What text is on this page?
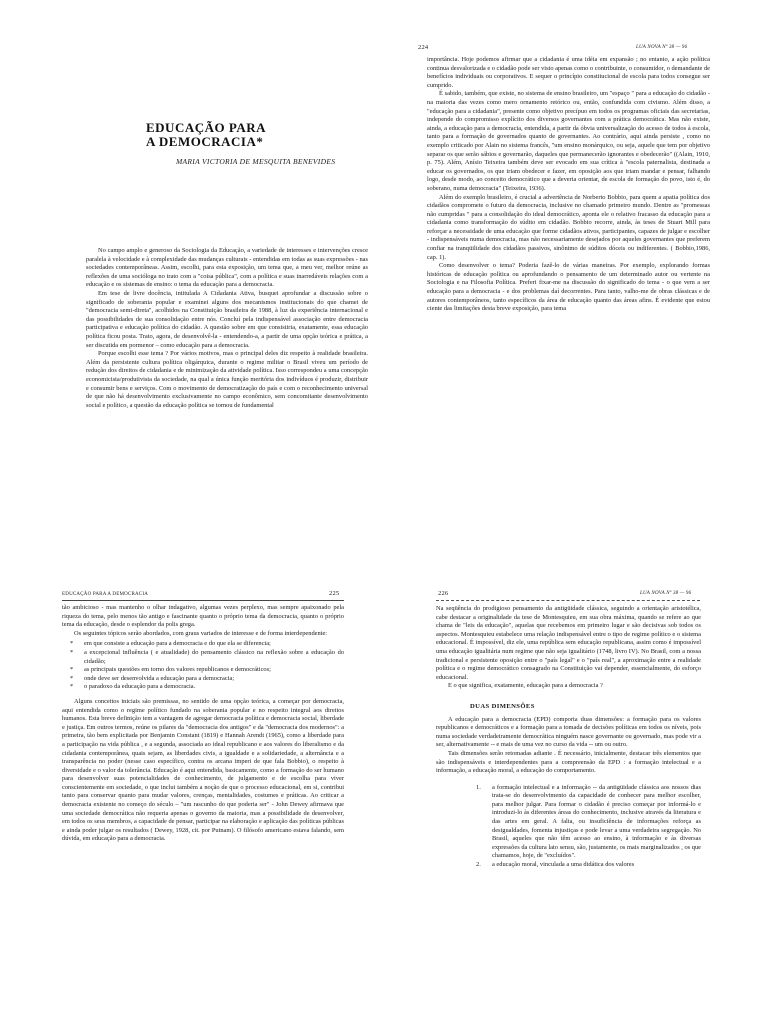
224	LUA NOVA Nº 38 — 96
EDUCAÇÃO PARA
A DEMOCRACIA*

MARIA VICTORIA DE MESQUITA BENEVIDES

No campo amplo e generoso da Sociologia da Educação, a variedade de interesses e intervenções cresce paralela à velocidade e à complexidade das mudanças culturais - entendidas em todas as suas expressões - nas sociedades contemporâneas. Assim, escolhi, para esta exposição, um tema que, a meu ver, melhor reúne as reflexões de uma socióloga no trato com a "coisa pública", com a política e suas inarredáveis relações com a educação e os sistemas de ensino: o tema da educação para a democracia.

Em tese de livre docência, intitulada A Cidadania Ativa, busquei aprofundar a discussão sobre o significado de soberania popular e examinei alguns dos mecanismos institucionais do que chamei de "democracia semi-direta", acolhidos na Constituição brasileira de 1988, à luz da experiência internacional e das possibilidades de sua consolidação entre nós. Concluí pela indispensável associação entre democracia participativa e educação política do cidadão. A questão sobre em que consistiria, exatamente, essa educação política ficou posta. Trato, agora, de desenvolvê-la - entendendo-a, a partir de uma opção teórica e prática, a ser discutida em pormenor – como educação para a democracia.

Porque escolhi esse tema ? Por vários motivos, mas o principal deles diz respeito à realidade brasileira. Além da persistente cultura política oligárquica, durante o regime militar o Brasil viveu um período de redução dos direitos de cidadania e de minimização da atividade política. Isso correspondeu a uma concepção economicista/produtivista da sociedade, na qual a única função meritória dos indivíduos é produzir, distribuir e consumir bens e serviços. Com o movimento de democratização do país e com o reconhecimento universal de que não há desenvolvimento exclusivamente no campo econômico, sem concomitante desenvolvimento social e político, a questão da educação política se tornou de fundamental

importância. Hoje podemos afirmar que a cidadania é uma idéia em expansão ; no entanto, a ação política continua desvalorizada e o cidadão pode ser visto apenas como o contribuinte, o consumidor, o demandante de benefícios individuais ou corporativos. E sequer o princípio constitucional de escola para todos consegue ser cumprido.

É sabido, também, que existe, no sistema de ensino brasileiro, um "espaço " para a educação do cidadão - na maioria das vezes como mero ornamento retórico ou, então, confundida com civismo. Além disso, a "educação para a cidadania", presente como objetivo precípuo em todos os programas oficiais das secretarias, independe do compromisso explícito dos diversos governantes com a prática democrática. Mas não existe, ainda, a educação para a democracia, entendida, a partir da óbvia universalização do acesso de todos à escola, tanto para a formação de governados quanto de governantes. Ao contrário, aqui ainda persiste , como no exemplo criticado por Alain no sistema francês, "um ensino monárquico, ou seja, aquele que tem por objetivo separar os que serão sábios e governarão, daqueles que permanecerão ignorantes e obedecerão" ((Alain, 1910, p. 75). Além, Anísio Teixeira também deve ser evocado em sua crítica à "escola paternalista, destinada a educar os governados, os que iriam obedecer e fazer, em oposição aos que iriam mandar e pensar, falhando logo, desde modo, ao conceito democrático que a deveria orientar, de escola de formação do povo, isto é, do soberano, numa democracia" (Teixeira, 1936).

Além do exemplo brasileiro, é crucial a advertência de Norberto Bobbio, para quem a apatia política dos cidadãos compromete o futuro da democracia, inclusive no chamado primeiro mundo. Dentre as "promessas não cumpridas " para a consolidação do ideal democrático, aponta ele o relativo fracasso da educação para a cidadania como transformação do súdito em cidadão. Bobbio recorre, ainda, às teses de Stuart Mill para reforçar a necessidade de uma educação que forme cidadãos ativos, participantes, capazes de julgar e escolher - indispensáveis numa democracia, mas não necessariamente desejados por aqueles governantes que preferem confiar na tranqüilidade dos cidadãos passivos, sinônimo de súditos dóceis ou indiferentes. ( Bobbio,1986, cap. 1).

Como desenvolver o tema? Poderia fazê-lo de várias maneiras. Por exemplo, explorando formas históricas de educação política ou aprofundando o pensamento de um determinado autor ou vertente na Sociologia e na Filosofia Política. Preferi fixar-me na discussão do significado do tema - o que vem a ser educação para a democracia - e dos problemas daí decorrentes. Para tanto, valho-me de obras clássicas e de autores contemporâneos, tanto específicos da área de educação quanto das áreas afins. É evidente que estou ciente das limitações desta breve exposição, para tema

EDUCAÇÃO PARA A DEMOCRACIA	225

tão ambicioso - mas mantenho o olhar indagativo, algumas vezes perplexo, mas sempre apaixonado pela riqueza do tema, pelo menos tão antigo e fascinante quanto o próprio tema da democracia, quanto o próprio tema da educação, desde o esplendor da polis grega.

Os seguintes tópicos serão abordados, com graus variados de interesse e de forma interdependente:

* em que consiste a educação para a democracia e do que ela se diferencia;
* a excepcional influência ( e atualidade) do pensamento clássico na reflexão sobre a educação do cidadão;
* as principais questões em torno dos valores republicanos e democráticos;
* onde deve ser desenvolvida a educação para a democracia;
* o paradoxo da educação para a democracia.

Alguns conceitos iniciais são premissas, no sentido de uma opção teórica, a começar por democracia, aqui entendida como o regime político fundado na soberania popular e no respeito integral aos direitos humanos. Esta breve definição tem a vantagem de agregar democracia política e democracia social, liberdade e justiça. Em outros termos, reúne os pilares da "democracia dos antigos" e da "democracia dos modernos": a primeira, tão bem explicitada por Benjamin Constant (1819) e Hannah Arendt (1965), como a liberdade para a participação na vida pública , e a segunda, associada ao ideal republicano e aos valores do liberalismo e da cidadania contemporânea, quais sejam, as liberdades civis, a igualdade e a solidariedade, a alternância e a transparência no poder (nesse caso específico, contra os arcana imperi de que fala Bobbio), o respeito à diversidade e o valor da tolerância. Educação é aqui entendida, basicamente, como a formação do ser humano para desenvolver suas potencialidades de conhecimento, de julgamento e de escolha para viver conscientemente em sociedade, o que inclui também a noção de que o processo educacional, em si, contribui tanto para conservar quanto para mudar valores, crenças, mentalidades, costumes e práticas. Ao criticar a democracia existente no começo do século – "um rascunho do que poderia ser" - John Dewey afirmava que uma sociedade democrática não requeria apenas o governo da maioria, mas a possibilidade de desenvolver, em todos os seus membros, a capacidade de pensar, participar na elaboração e aplicação das políticas públicas e ainda poder julgar os resultados ( Dewey, 1928, cit. por Putnam). O filósofo americano estava falando, sem dúvida, em educação para a democracia.

226	LUA NOVA Nº 38 — 96

Na seqüência do prodigioso pensamento da antigüidade clássica, seguindo a orientação aristotélica, cabe destacar a originalidade da tese de Montesquieu, em sua obra máxima, quando se refere ao que chama de "leis da educação", aquelas que recebemos em primeiro lugar e são decisivas sob todos os aspectos. Montesquieu estabelece uma relação indispensável entre o tipo de regime político e o sistema educacional. É impossível, diz ele, uma república sem educação republicana, assim como é impossível uma educação igualitária num regime que não seja igualitário (1748, livro IV). No Brasil, com a nossa tradicional e persistente oposição entre o "país legal" e o "país real", a aproximação entre a realidade política e o regime democrático consagrado na Constituição vai depender, essencialmente, do esforço educacional.

E o que significa, exatamente, educação para a democracia ?

DUAS DIMENSÕES

A educação para a democracia (EPD) comporta duas dimensões: a formação para os valores republicanos e democráticos e a formação para a tomada de decisões políticas em todos os níveis, pois numa sociedade verdadeiramente democrática ninguém nasce governante ou governado, mas pode vir a ser, alternativamente -- e mais de uma vez no curso da vida -- um ou outro.

Tais dimensões serão retomadas adiante . É necessário, inicialmente, destacar três elementos que são indispensáveis e interdependentes para a compreensão da EPD : a formação intelectual e a informação, a educação moral, a educação do comportamento.

1. a formação intelectual e a informação -- da antigüidade clássica aos nossos dias trata-se do desenvolvimento da capacidade de conhecer para melhor escolher, para melhor julgar. Para formar o cidadão é preciso começar por informá-lo e introduzi-lo às diferentes áreas do conhecimento, inclusive através da literatura e das artes em geral. A falta, ou insuficiência de informações reforça as desigualdades, fomenta injustiças e pode levar a uma verdadeira segregação. No Brasil, aqueles que não têm acesso ao ensino, à informação e às diversas expressões da cultura lato sensu, são, justamente, os mais marginalizados , os que chamamos, hoje, de "excluídos".
2. a educação moral, vinculada a uma didática dos valores
